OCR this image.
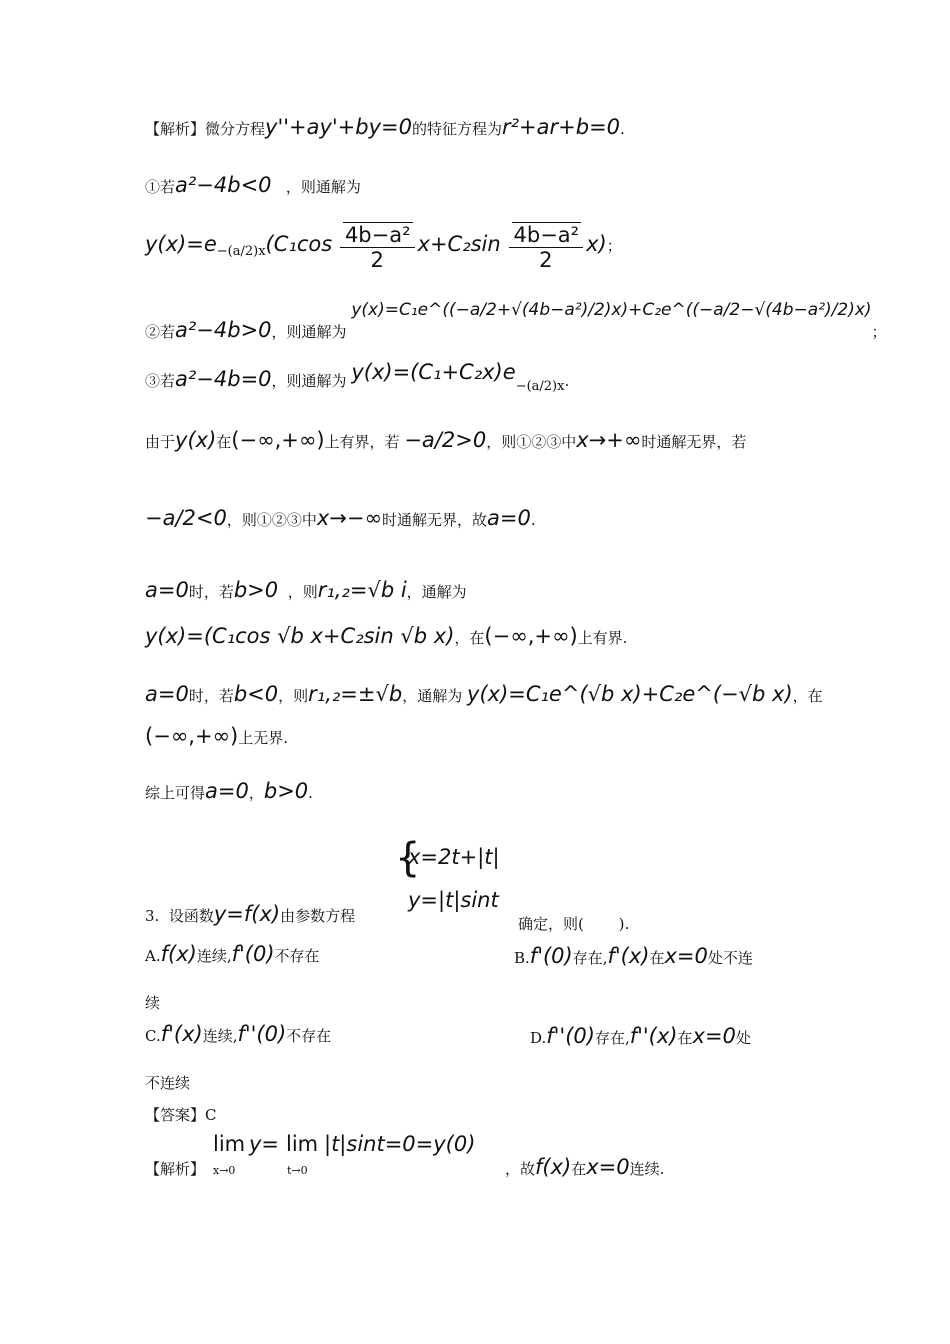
【解析】微分方程y''+ay'+by=0的特征方程为r²+ar+b=0.
①若a²−4b<0 ，则通解为
$y(x)=e-(a/2)x(C_1\cos \frac{\text{4b−a²}}{2} x+C_2\sin \frac{\text{4b−a²}}{2} x)$；
②若a²−4b>0，则通解为 y(x)=C₁e^((−a/2+√(4b−a²)/2)x)+C₂e^((−a/2−√(4b−a²)/2)x)；
③若a²−4b=0，则通解为 y(x)=(C₁+C₂x)e−(a/2)x.
由于y(x)在(−∞,+∞)上有界，若 −a/2>0，则①②③中x→+∞时通解无界，若
−a/2<0，则①②③中x→−∞时通解无界，故a=0.
a=0时，若b>0 ，则r₁,₂=√b i，通解为
y(x)=(C₁cos √b x+C₂sin √b x)，在(−∞,+∞)上有界.
a=0时，若b<0，则r₁,₂=±√b，通解为 y(x)=C₁e^(√b x)+C₂e^(−√b x)，在
(−∞,+∞)上无界.
综上可得a=0，b>0.
{
x=2t+|t|
y=|t|sint
3. 设函数y=f(x)由参数方程	确定，则(　　 ).
A.f(x)连续,f'(0)不存在	B.f'(0)存在,f'(x)在x=0处不连
续
C.f'(x)连续,f''(0)不存在	D.f''(0)存在,f''(x)在x=0处
不连续
【答案】C
lim y= lim |t|sint=0=y(0)
x→0	t→0
【解析】	，故f(x)在x=0连续.
